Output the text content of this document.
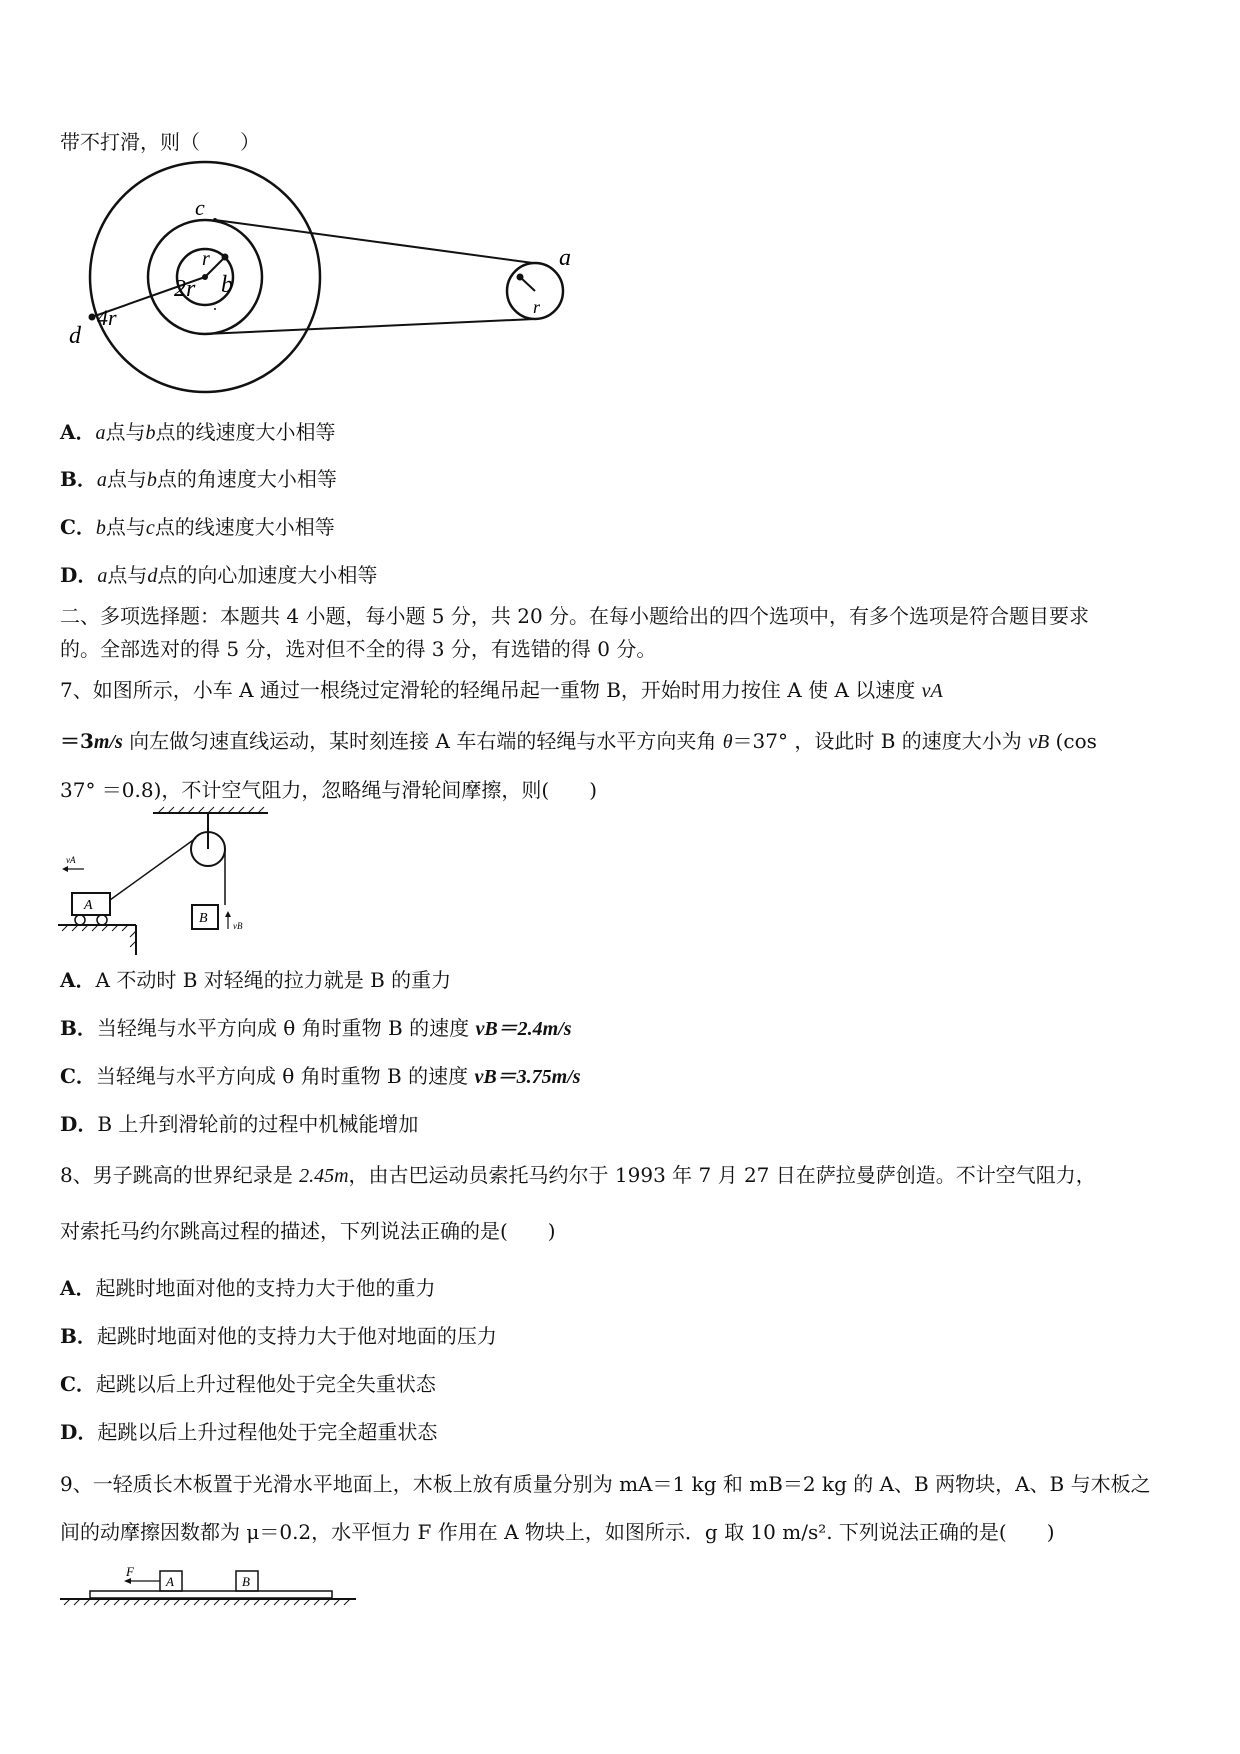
带不打滑，则（　　）
c
r
b
2r
4r
d
a
r
A．a点与b点的线速度大小相等
B．a点与b点的角速度大小相等
C．b点与c点的线速度大小相等
D．a点与d点的向心加速度大小相等
二、多项选择题：本题共 4 小题，每小题 5 分，共 20 分。在每小题给出的四个选项中，有多个选项是符合题目要求
的。全部选对的得 5 分，选对但不全的得 3 分，有选错的得 0 分。
7、如图所示，小车 A 通过一根绕过定滑轮的轻绳吊起一重物 B，开始时用力按住 A 使 A 以速度 vA
＝3m/s 向左做匀速直线运动，某时刻连接 A 车右端的轻绳与水平方向夹角 θ＝37° ，设此时 B 的速度大小为 vB (cos
37° ＝0.8)，不计空气阻力，忽略绳与滑轮间摩擦，则(　　)
A
vA
B	vB
A．A 不动时 B 对轻绳的拉力就是 B 的重力
B．当轻绳与水平方向成 θ 角时重物 B 的速度 vB＝2.4m/s
C．当轻绳与水平方向成 θ 角时重物 B 的速度 vB＝3.75m/s
D．B 上升到滑轮前的过程中机械能增加
8、男子跳高的世界纪录是 2.45m，由古巴运动员索托马约尔于 1993 年 7 月 27 日在萨拉曼萨创造。不计空气阻力，
对索托马约尔跳高过程的描述，下列说法正确的是(　　)
A．起跳时地面对他的支持力大于他的重力
B．起跳时地面对他的支持力大于他对地面的压力
C．起跳以后上升过程他处于完全失重状态
D．起跳以后上升过程他处于完全超重状态
9、一轻质长木板置于光滑水平地面上，木板上放有质量分别为 mA＝1 kg 和 mB＝2 kg 的 A、B 两物块，A、B 与木板之
间的动摩擦因数都为 μ＝0.2，水平恒力 F 作用在 A 物块上，如图所示．g 取 10 m/s². 下列说法正确的是(　　)
A	B
F
